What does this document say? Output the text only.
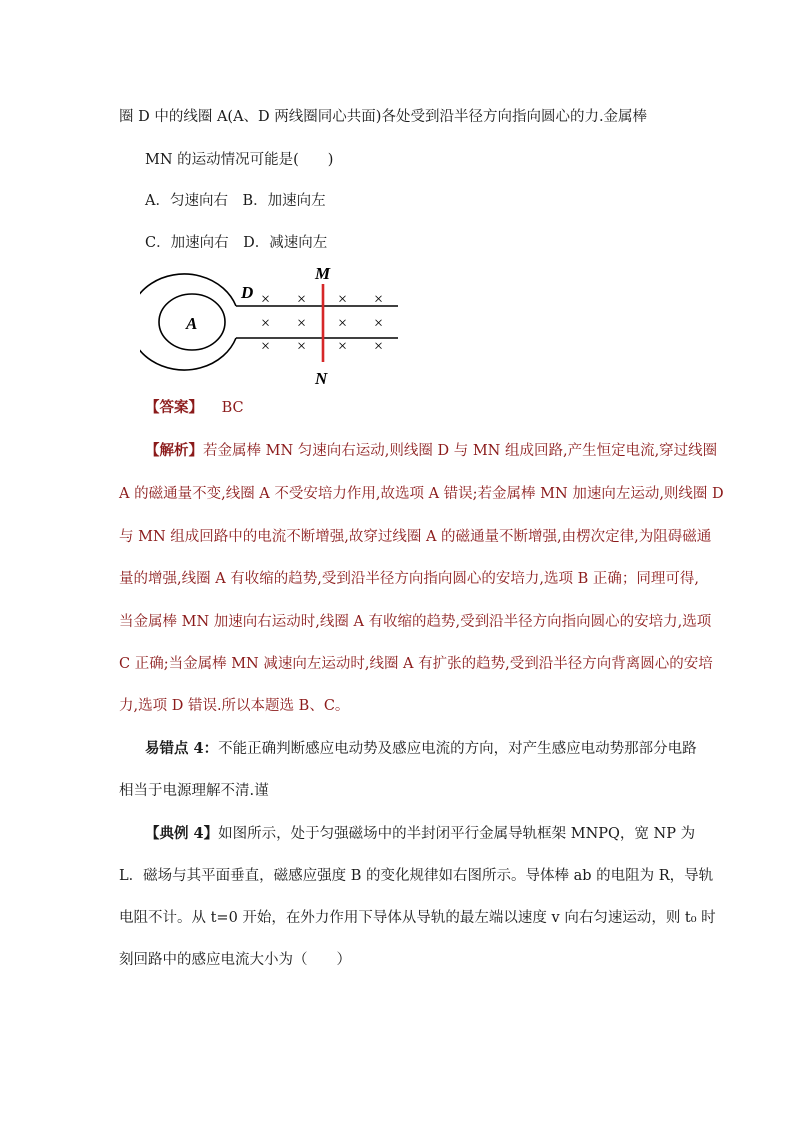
圈 D 中的线圈 A(A、D 两线圈同心共面)各处受到沿半径方向指向圆心的力.金属棒
MN 的运动情况可能是(　　)
A．匀速向右　B．加速向左
C．加速向右　D．减速向左
A
D × × × ×
× × × ×
× × × ×
M
N
【答案】 BC
【解析】若金属棒 MN 匀速向右运动,则线圈 D 与 MN 组成回路,产生恒定电流,穿过线圈
A 的磁通量不变,线圈 A 不受安培力作用,故选项 A 错误;若金属棒 MN 加速向左运动,则线圈 D
与 MN 组成回路中的电流不断增强,故穿过线圈 A 的磁通量不断增强,由楞次定律,为阻碍磁通
量的增强,线圈 A 有收缩的趋势,受到沿半径方向指向圆心的安培力,选项 B 正确；同理可得,
当金属棒 MN 加速向右运动时,线圈 A 有收缩的趋势,受到沿半径方向指向圆心的安培力,选项
C 正确;当金属棒 MN 减速向左运动时,线圈 A 有扩张的趋势,受到沿半径方向背离圆心的安培
力,选项 D 错误.所以本题选 B、C。
易错点 4：不能正确判断感应电动势及感应电流的方向，对产生感应电动势那部分电路
相当于电源理解不清.谨
【典例 4】如图所示，处于匀强磁场中的半封闭平行金属导轨框架 MNPQ，宽 NP 为
L．磁场与其平面垂直，磁感应强度 B 的变化规律如右图所示。导体棒 ab 的电阻为 R，导轨
电阻不计。从 t=0 开始，在外力作用下导体从导轨的最左端以速度 v 向右匀速运动，则 t₀ 时
刻回路中的感应电流大小为（　　）
